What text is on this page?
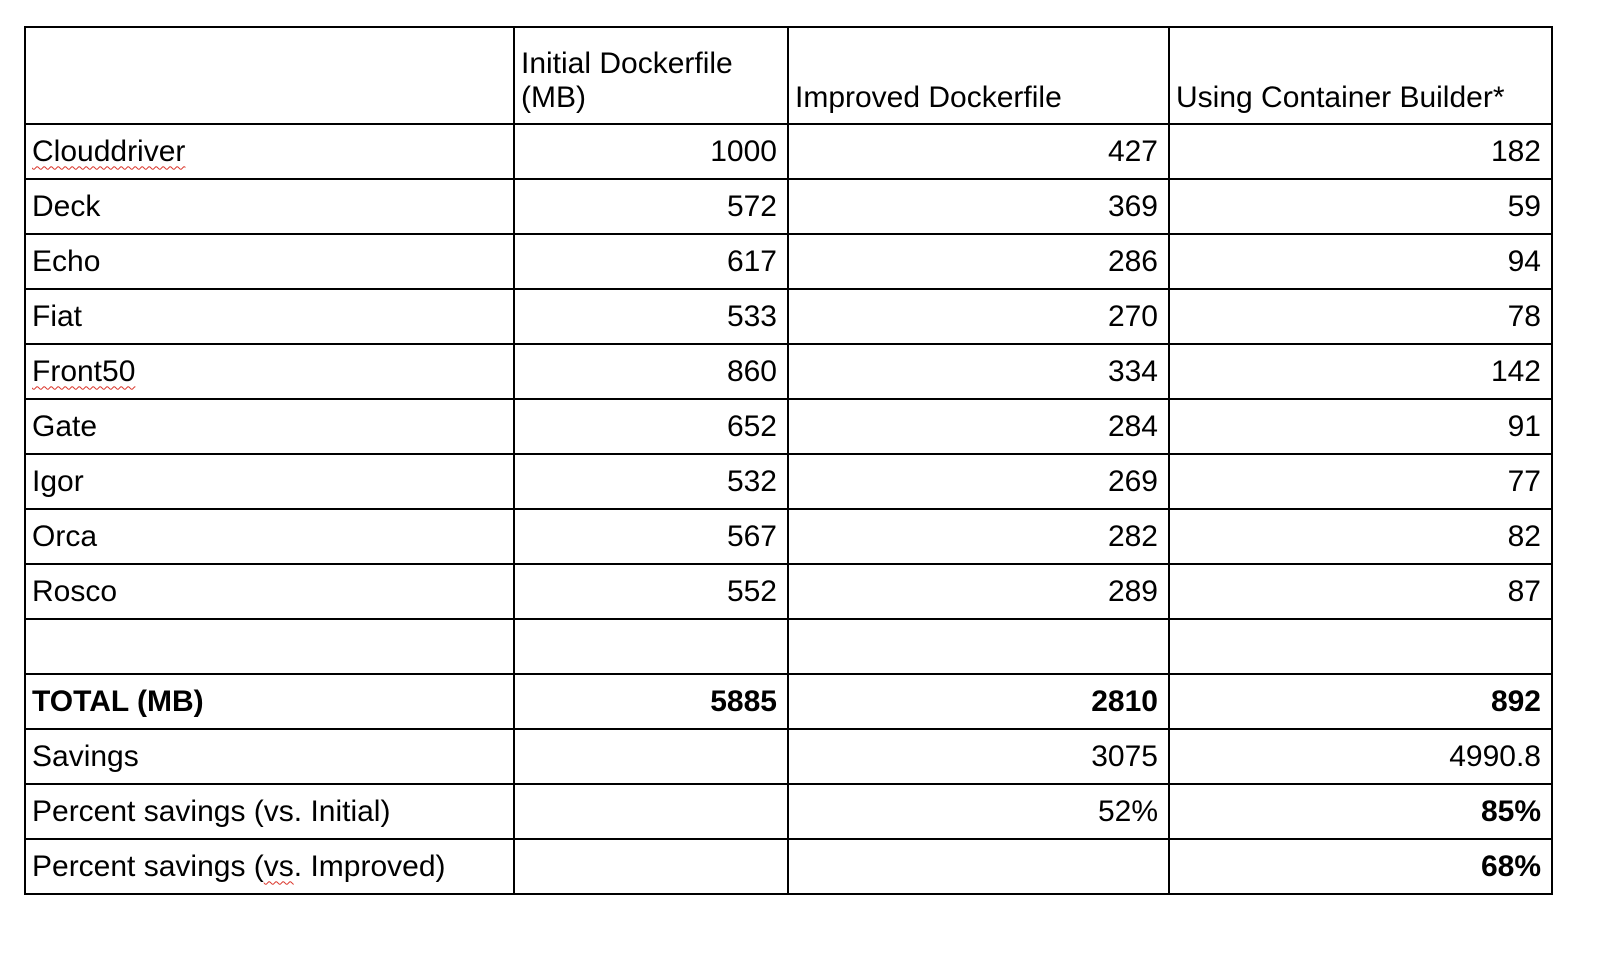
	Initial Dockerfile (MB)	Improved Dockerfile	Using Container Builder*
Clouddriver	1000	427	182
Deck	572	369	59
Echo	617	286	94
Fiat	533	270	78
Front50	860	334	142
Gate	652	284	91
Igor	532	269	77
Orca	567	282	82
Rosco	552	289	87

TOTAL (MB)	5885	2810	892
Savings		3075	4990.8
Percent savings (vs. Initial)		52%	85%
Percent savings (vs. Improved)			68%
